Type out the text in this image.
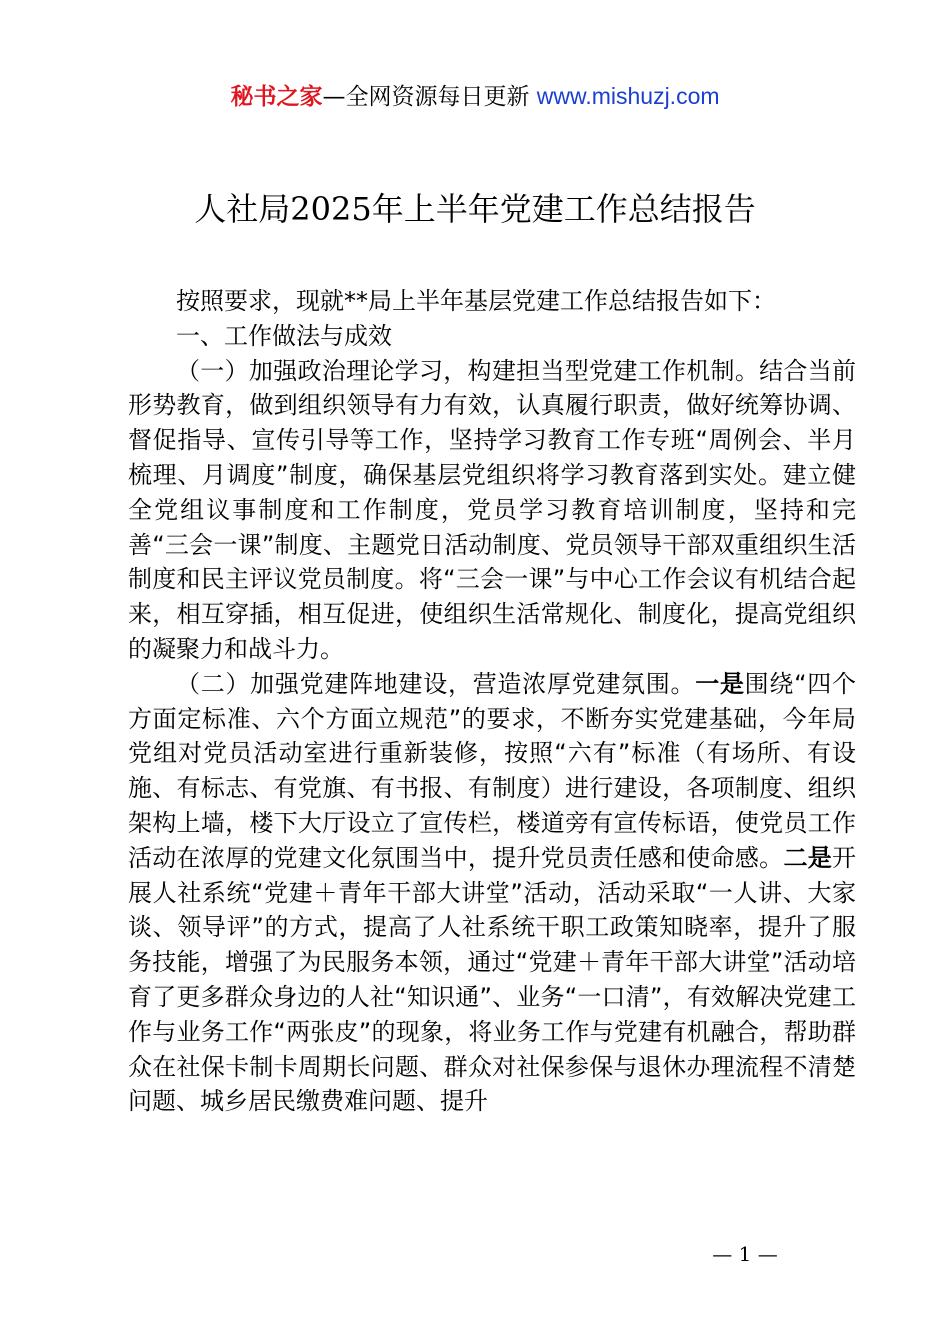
秘书之家—全网资源每日更新 www.mishuzj.com
人社局2025年上半年党建工作总结报告

按照要求，现就**局上半年基层党建工作总结报告如下：

一、工作做法与成效

（一）加强政治理论学习，构建担当型党建工作机制。结合当前形势教育，做到组织领导有力有效，认真履行职责，做好统筹协调、督促指导、宣传引导等工作，坚持学习教育工作专班“周例会、半月梳理、月调度”制度，确保基层党组织将学习教育落到实处。建立健全党组议事制度和工作制度，党员学习教育培训制度，坚持和完善“三会一课”制度、主题党日活动制度、党员领导干部双重组织生活制度和民主评议党员制度。将“三会一课”与中心工作会议有机结合起来，相互穿插，相互促进，使组织生活常规化、制度化，提高党组织的凝聚力和战斗力。

（二）加强党建阵地建设，营造浓厚党建氛围。一是围绕“四个方面定标准、六个方面立规范”的要求，不断夯实党建基础，今年局党组对党员活动室进行重新装修，按照“六有”标准（有场所、有设施、有标志、有党旗、有书报、有制度）进行建设，各项制度、组织架构上墙，楼下大厅设立了宣传栏，楼道旁有宣传标语，使党员工作活动在浓厚的党建文化氛围当中，提升党员责任感和使命感。二是开展人社系统“党建＋青年干部大讲堂”活动，活动采取“一人讲、大家谈、领导评”的方式，提高了人社系统干职工政策知晓率，提升了服务技能，增强了为民服务本领，通过“党建＋青年干部大讲堂”活动培育了更多群众身边的人社“知识通”、业务“一口清”，有效解决党建工作与业务工作“两张皮”的现象，将业务工作与党建有机融合，帮助群众在社保卡制卡周期长问题、群众对社保参保与退休办理流程不清楚问题、城乡居民缴费难问题、提升

— 1 —
